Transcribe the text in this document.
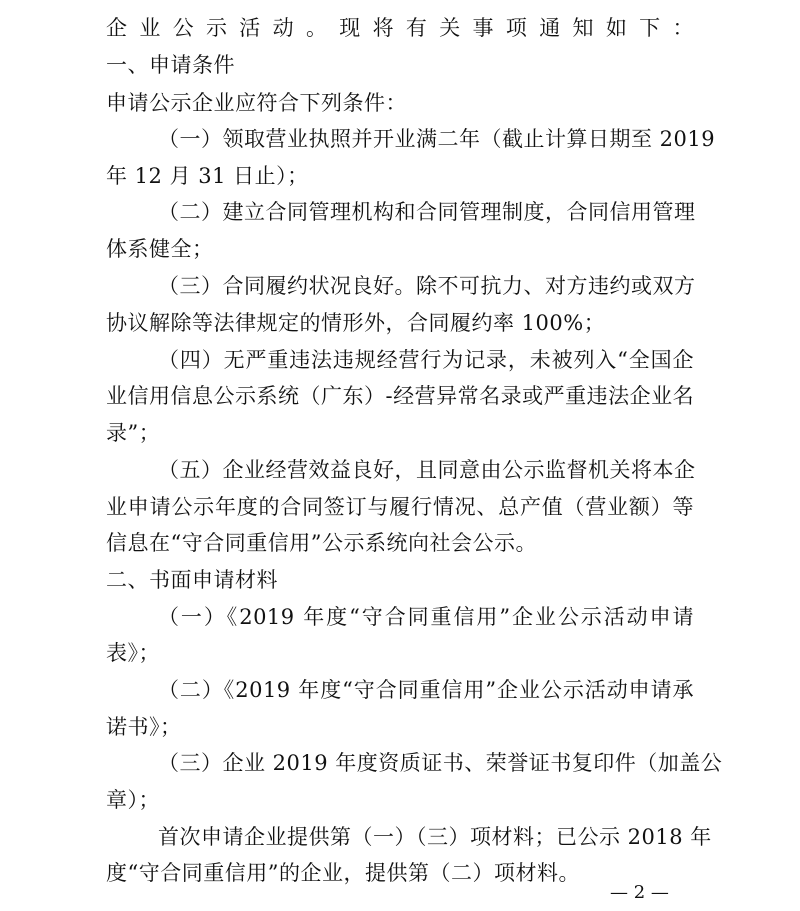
企业公示活动。现将有关事项通知如下：
一、申请条件
申请公示企业应符合下列条件：
（一）领取营业执照并开业满二年（截止计算日期至 2019
年 12 月 31 日止）；
（二）建立合同管理机构和合同管理制度，合同信用管理
体系健全；
（三）合同履约状况良好。除不可抗力、对方违约或双方
协议解除等法律规定的情形外，合同履约率 100%；
（四）无严重违法违规经营行为记录，未被列入“全国企
业信用信息公示系统（广东）-经营异常名录或严重违法企业名
录”；
（五）企业经营效益良好，且同意由公示监督机关将本企
业申请公示年度的合同签订与履行情况、总产值（营业额）等
信息在“守合同重信用”公示系统向社会公示。
二、书面申请材料
（一）《2019 年度“守合同重信用”企业公示活动申请
表》；
（二）《2019 年度“守合同重信用”企业公示活动申请承
诺书》；
（三）企业 2019 年度资质证书、荣誉证书复印件（加盖公
章）；
首次申请企业提供第（一）（三）项材料；已公示 2018 年
度“守合同重信用”的企业，提供第（二）项材料。
— 2 —
